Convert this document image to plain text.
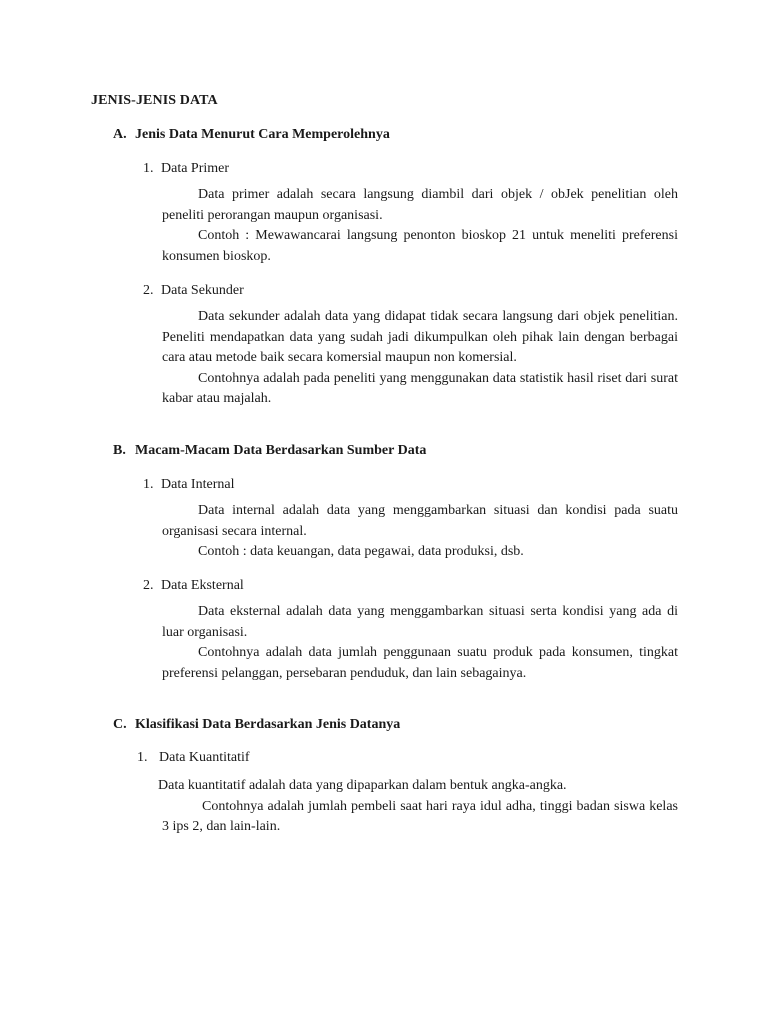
JENIS-JENIS DATA
A. Jenis Data Menurut Cara Memperolehnya
1. Data Primer

Data primer adalah secara langsung diambil dari objek / obJek penelitian oleh peneliti perorangan maupun organisasi.

Contoh : Mewawancarai langsung penonton bioskop 21 untuk meneliti preferensi konsumen bioskop.

2. Data Sekunder

Data sekunder adalah data yang didapat tidak secara langsung dari objek penelitian. Peneliti mendapatkan data yang sudah jadi dikumpulkan oleh pihak lain dengan berbagai cara atau metode baik secara komersial maupun non komersial.

Contohnya adalah pada peneliti yang menggunakan data statistik hasil riset dari surat kabar atau majalah.

B. Macam-Macam Data Berdasarkan Sumber Data
1. Data Internal

Data internal adalah data yang menggambarkan situasi dan kondisi pada suatu organisasi secara internal.

Contoh : data keuangan, data pegawai, data produksi, dsb.

2. Data Eksternal

Data eksternal adalah data yang menggambarkan situasi serta kondisi yang ada di luar organisasi.

Contohnya adalah data jumlah penggunaan suatu produk pada konsumen, tingkat preferensi pelanggan, persebaran penduduk, dan lain sebagainya.

C. Klasifikasi Data Berdasarkan Jenis Datanya
1. Data Kuantitatif

Data kuantitatif adalah data yang dipaparkan dalam bentuk angka-angka.

Contohnya adalah jumlah pembeli saat hari raya idul adha, tinggi badan siswa kelas 3 ips 2, dan lain-lain.
